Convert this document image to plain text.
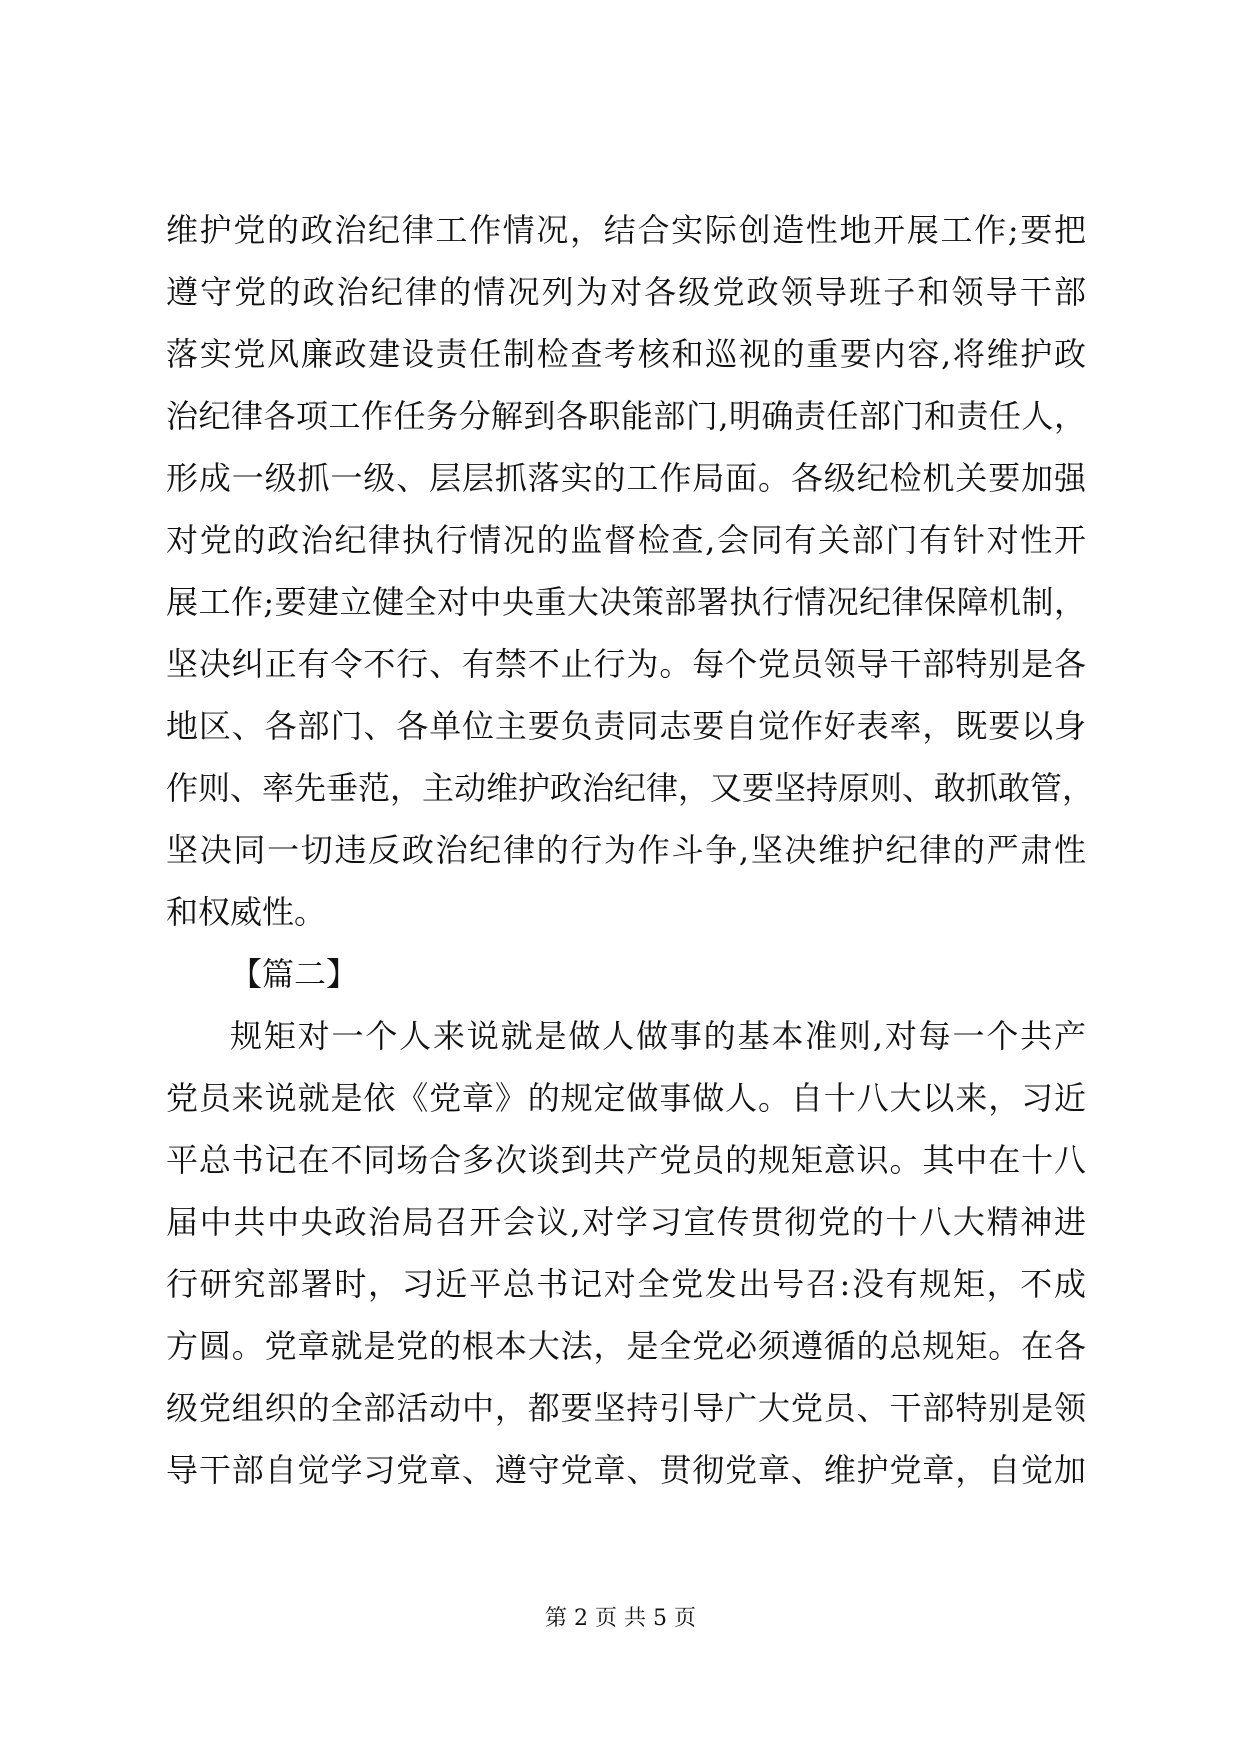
维护党的政治纪律工作情况，结合实际创造性地开展工作;要把
遵守党的政治纪律的情况列为对各级党政领导班子和领导干部
落实党风廉政建设责任制检查考核和巡视的重要内容,将维护政
治纪律各项工作任务分解到各职能部门,明确责任部门和责任人，
形成一级抓一级、层层抓落实的工作局面。各级纪检机关要加强
对党的政治纪律执行情况的监督检查,会同有关部门有针对性开
展工作;要建立健全对中央重大决策部署执行情况纪律保障机制，
坚决纠正有令不行、有禁不止行为。每个党员领导干部特别是各
地区、各部门、各单位主要负责同志要自觉作好表率，既要以身
作则、率先垂范，主动维护政治纪律，又要坚持原则、敢抓敢管，
坚决同一切违反政治纪律的行为作斗争,坚决维护纪律的严肃性
和权威性。
【篇二】
规矩对一个人来说就是做人做事的基本准则,对每一个共产
党员来说就是依《党章》的规定做事做人。自十八大以来，习近
平总书记在不同场合多次谈到共产党员的规矩意识。其中在十八
届中共中央政治局召开会议,对学习宣传贯彻党的十八大精神进
行研究部署时，习近平总书记对全党发出号召:没有规矩，不成
方圆。党章就是党的根本大法，是全党必须遵循的总规矩。在各
级党组织的全部活动中，都要坚持引导广大党员、干部特别是领
导干部自觉学习党章、遵守党章、贯彻党章、维护党章，自觉加
第 2 页 共 5 页
